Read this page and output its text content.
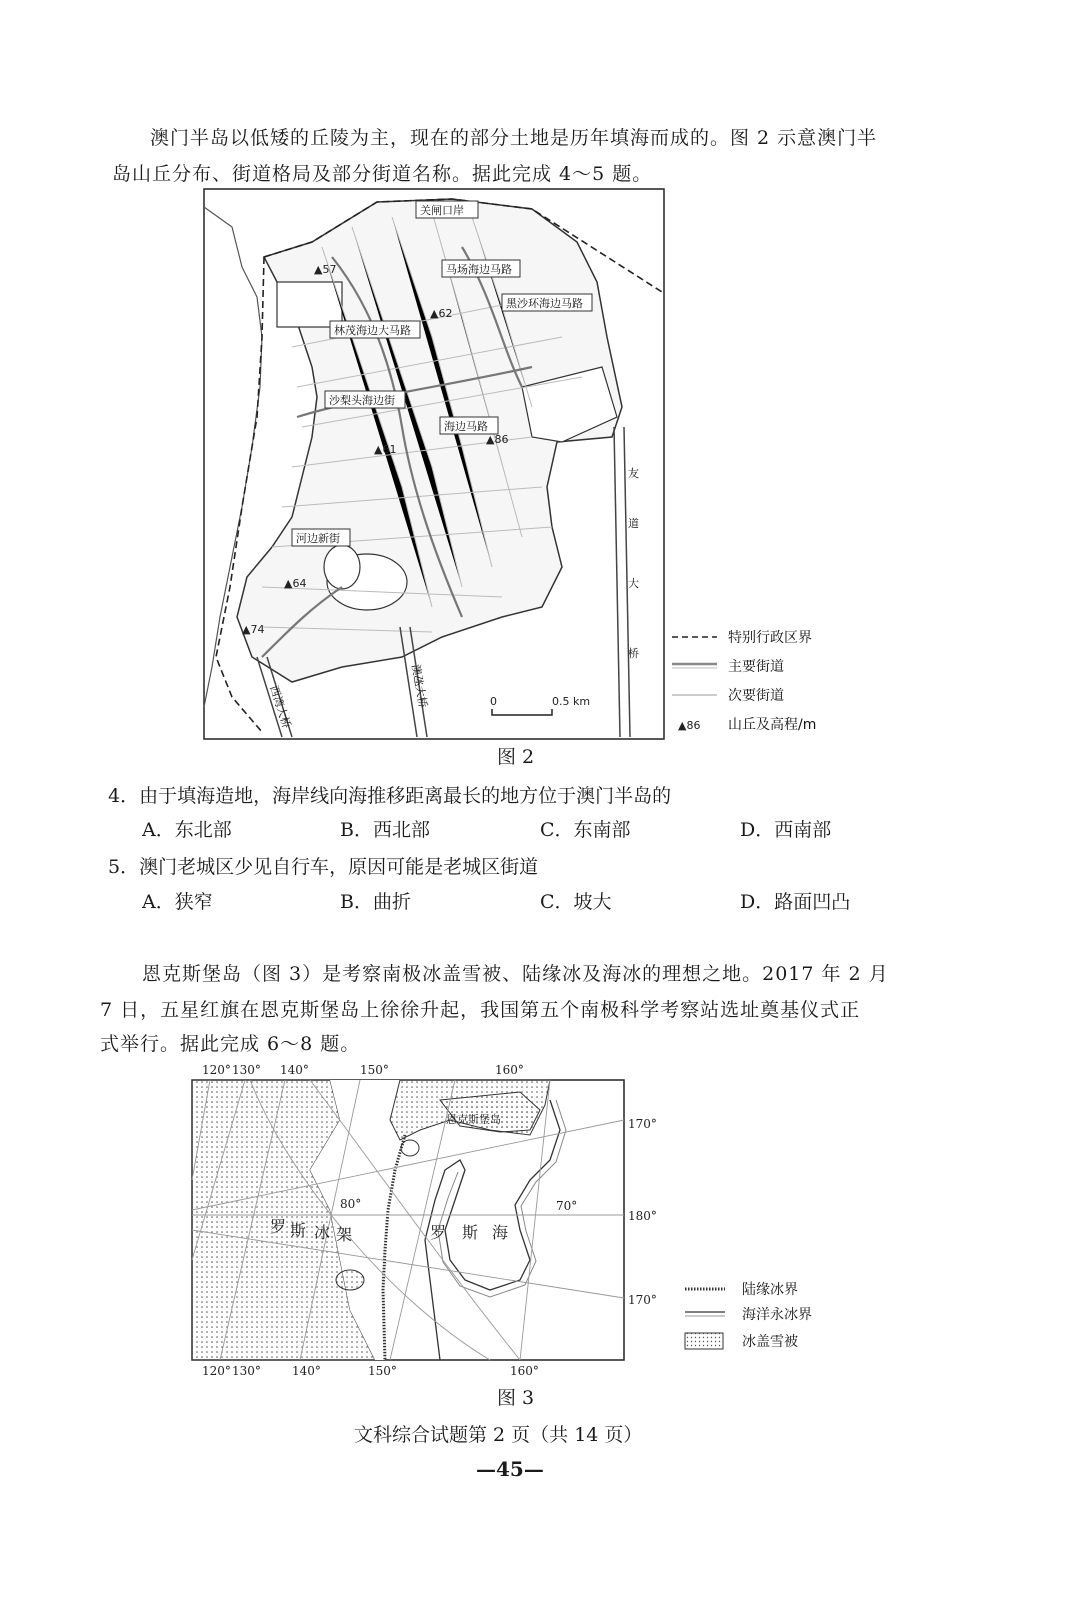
澳门半岛以低矮的丘陵为主，现在的部分土地是历年填海而成的。图 2 示意澳门半
岛山丘分布、街道格局及部分街道名称。据此完成 4～5 题。
关闸口岸
马场海边马路
黑沙环海边马路
林茂海边大马路
沙梨头海边街
海边马路
河边新街
▲57
▲62
▲61
▲86
▲64
▲74
友
道
大
桥
澳氹大桥
西湾大桥	0	0.5 km
特别行政区界
主要街道
次要街道
▲86 山丘及高程/m
图 2
4．由于填海造地，海岸线向海推移距离最长的地方位于澳门半岛的
A．东北部	B．西北部	C．东南部	D．西南部
5．澳门老城区少见自行车，原因可能是老城区街道
A．狭窄	B．曲折	C．坡大	D．路面凹凸
恩克斯堡岛（图 3）是考察南极冰盖雪被、陆缘冰及海冰的理想之地。2017 年 2 月
7 日，五星红旗在恩克斯堡岛上徐徐升起，我国第五个南极科学考察站选址奠基仪式正
式举行。据此完成 6～8 题。
120° 130° 140°	150°	160°
120° 130°	140°	150°	160°
170°
180°
170°
80°	70°
恩克斯堡岛
罗 斯 冰 架	罗 斯 海
陆缘冰界
海洋永冰界
冰盖雪被
图 3
文科综合试题第 2 页（共 14 页）
—45—
